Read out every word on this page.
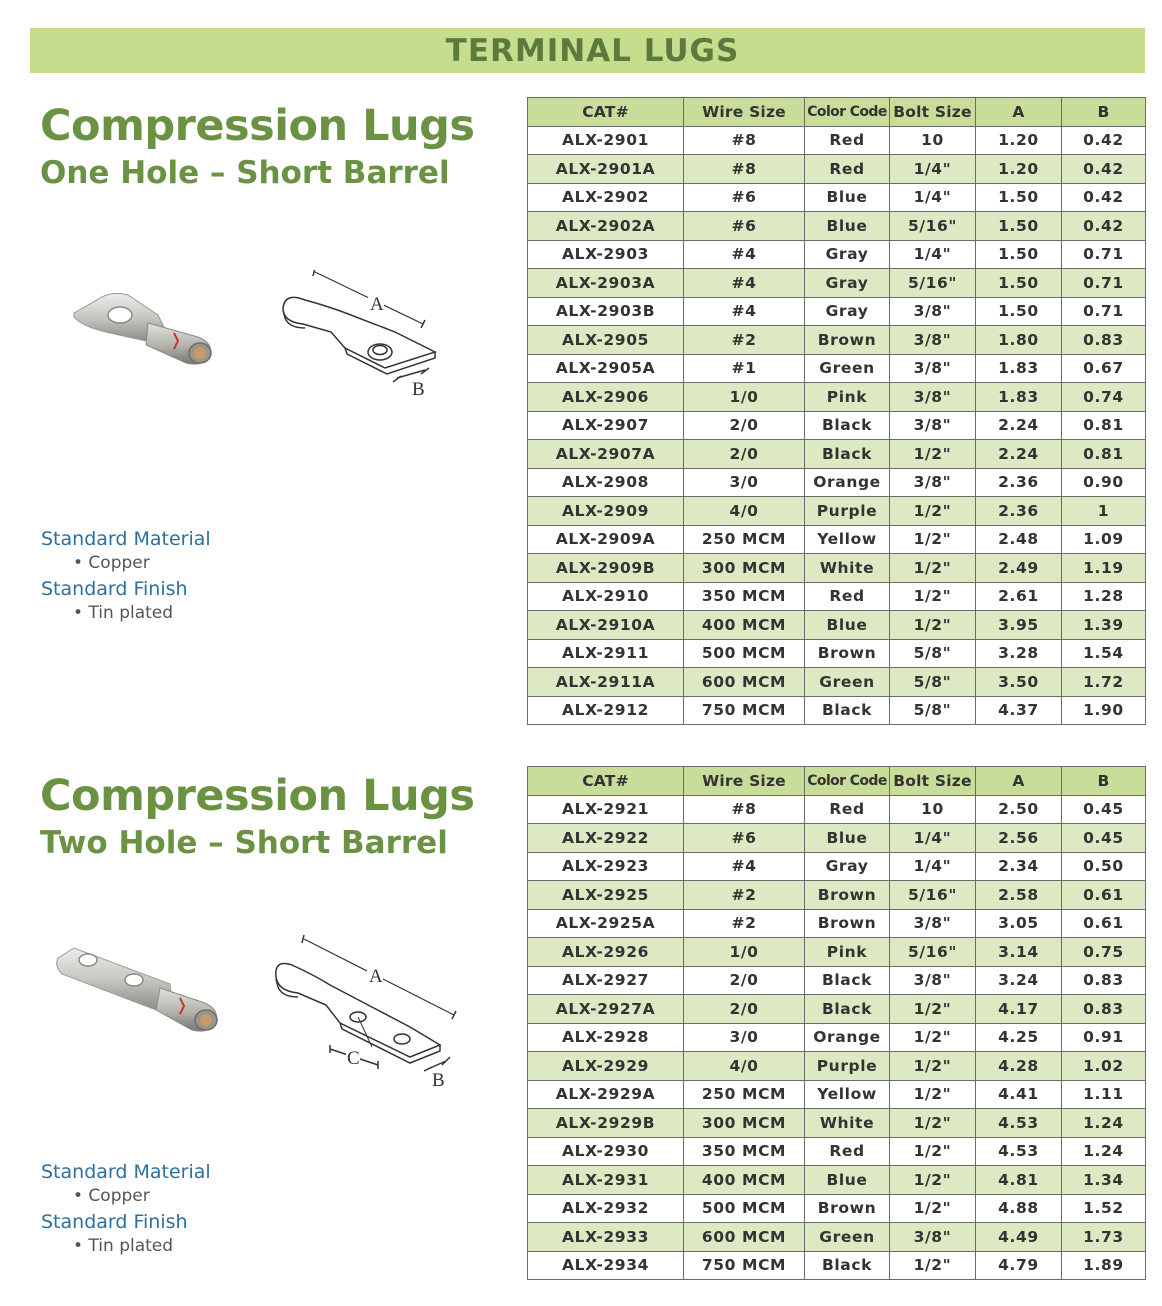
TERMINAL LUGS
Compression Lugs
One Hole – Short Barrel
A
B
Standard Material
• Copper
Standard Finish
• Tin plated
CAT#	Wire Size	Color Code	Bolt Size	A	B
ALX-2901	#8	Red	10	1.20	0.42
ALX-2901A	#8	Red	1/4"	1.20	0.42
ALX-2902	#6	Blue	1/4"	1.50	0.42
ALX-2902A	#6	Blue	5/16"	1.50	0.42
ALX-2903	#4	Gray	1/4"	1.50	0.71
ALX-2903A	#4	Gray	5/16"	1.50	0.71
ALX-2903B	#4	Gray	3/8"	1.50	0.71
ALX-2905	#2	Brown	3/8"	1.80	0.83
ALX-2905A	#1	Green	3/8"	1.83	0.67
ALX-2906	1/0	Pink	3/8"	1.83	0.74
ALX-2907	2/0	Black	3/8"	2.24	0.81
ALX-2907A	2/0	Black	1/2"	2.24	0.81
ALX-2908	3/0	Orange	3/8"	2.36	0.90
ALX-2909	4/0	Purple	1/2"	2.36	1
ALX-2909A	250 MCM	Yellow	1/2"	2.48	1.09
ALX-2909B	300 MCM	White	1/2"	2.49	1.19
ALX-2910	350 MCM	Red	1/2"	2.61	1.28
ALX-2910A	400 MCM	Blue	1/2"	3.95	1.39
ALX-2911	500 MCM	Brown	5/8"	3.28	1.54
ALX-2911A	600 MCM	Green	5/8"	3.50	1.72
ALX-2912	750 MCM	Black	5/8"	4.37	1.90
Compression Lugs
Two Hole – Short Barrel
A
C
B
Standard Material
• Copper
Standard Finish
• Tin plated
CAT#	Wire Size	Color Code	Bolt Size	A	B
ALX-2921	#8	Red	10	2.50	0.45
ALX-2922	#6	Blue	1/4"	2.56	0.45
ALX-2923	#4	Gray	1/4"	2.34	0.50
ALX-2925	#2	Brown	5/16"	2.58	0.61
ALX-2925A	#2	Brown	3/8"	3.05	0.61
ALX-2926	1/0	Pink	5/16"	3.14	0.75
ALX-2927	2/0	Black	3/8"	3.24	0.83
ALX-2927A	2/0	Black	1/2"	4.17	0.83
ALX-2928	3/0	Orange	1/2"	4.25	0.91
ALX-2929	4/0	Purple	1/2"	4.28	1.02
ALX-2929A	250 MCM	Yellow	1/2"	4.41	1.11
ALX-2929B	300 MCM	White	1/2"	4.53	1.24
ALX-2930	350 MCM	Red	1/2"	4.53	1.24
ALX-2931	400 MCM	Blue	1/2"	4.81	1.34
ALX-2932	500 MCM	Brown	1/2"	4.88	1.52
ALX-2933	600 MCM	Green	3/8"	4.49	1.73
ALX-2934	750 MCM	Black	1/2"	4.79	1.89
